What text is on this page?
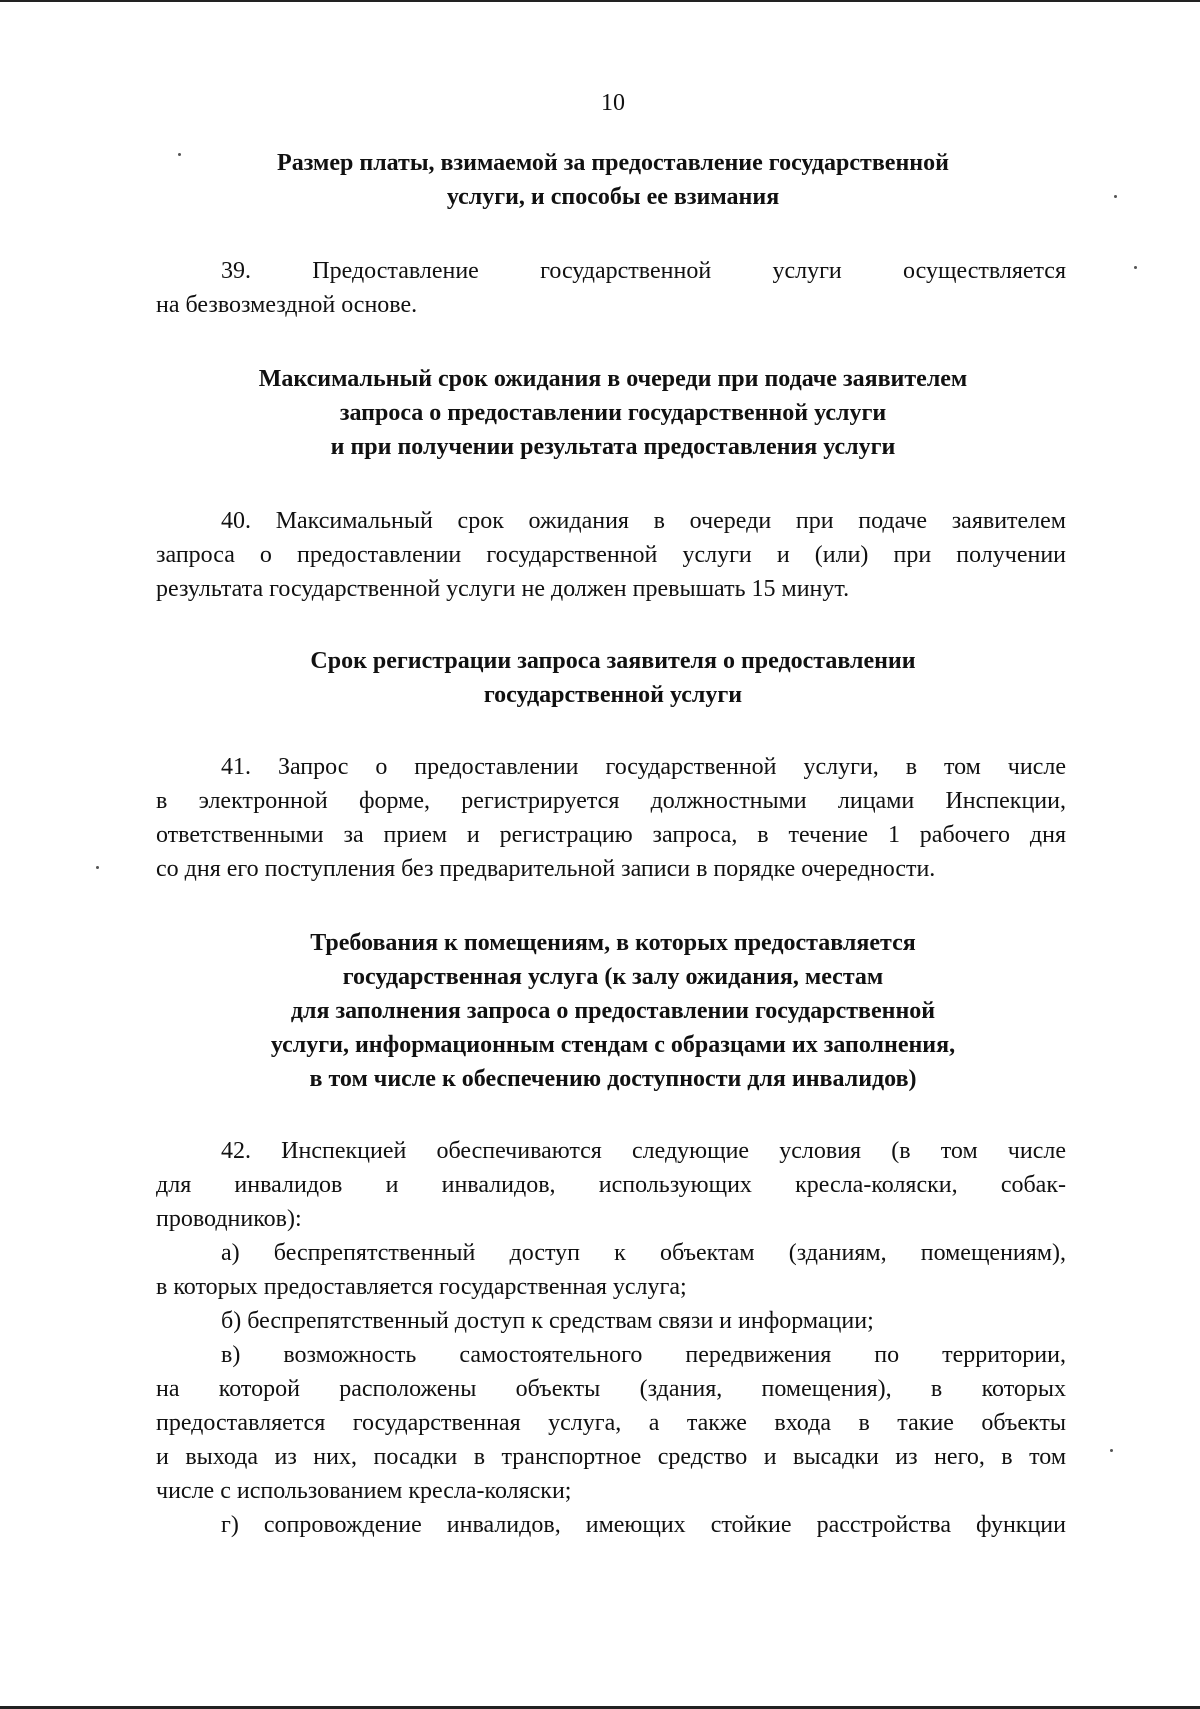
10
Размер платы, взимаемой за предоставление государственной
услуги, и способы ее взимания
39. Предоставление государственной услуги осуществляется
на безвозмездной основе.
Максимальный срок ожидания в очереди при подаче заявителем
запроса о предоставлении государственной услуги
и при получении результата предоставления услуги
40. Максимальный срок ожидания в очереди при подаче заявителем
запроса о предоставлении государственной услуги и (или) при получении
результата государственной услуги не должен превышать 15 минут.
Срок регистрации запроса заявителя о предоставлении
государственной услуги
41. Запрос о предоставлении государственной услуги, в том числе
в электронной форме, регистрируется должностными лицами Инспекции,
ответственными за прием и регистрацию запроса, в течение 1 рабочего дня
со дня его поступления без предварительной записи в порядке очередности.
Требования к помещениям, в которых предоставляется
государственная услуга (к залу ожидания, местам
для заполнения запроса о предоставлении государственной
услуги, информационным стендам с образцами их заполнения,
в том числе к обеспечению доступности для инвалидов)
42. Инспекцией обеспечиваются следующие условия (в том числе
для инвалидов и инвалидов, использующих кресла-коляски, собак-
проводников):
а) беспрепятственный доступ к объектам (зданиям, помещениям),
в которых предоставляется государственная услуга;
б) беспрепятственный доступ к средствам связи и информации;
в) возможность самостоятельного передвижения по территории,
на которой расположены объекты (здания, помещения), в которых
предоставляется государственная услуга, а также входа в такие объекты
и выхода из них, посадки в транспортное средство и высадки из него, в том
числе с использованием кресла-коляски;
г) сопровождение инвалидов, имеющих стойкие расстройства функции
